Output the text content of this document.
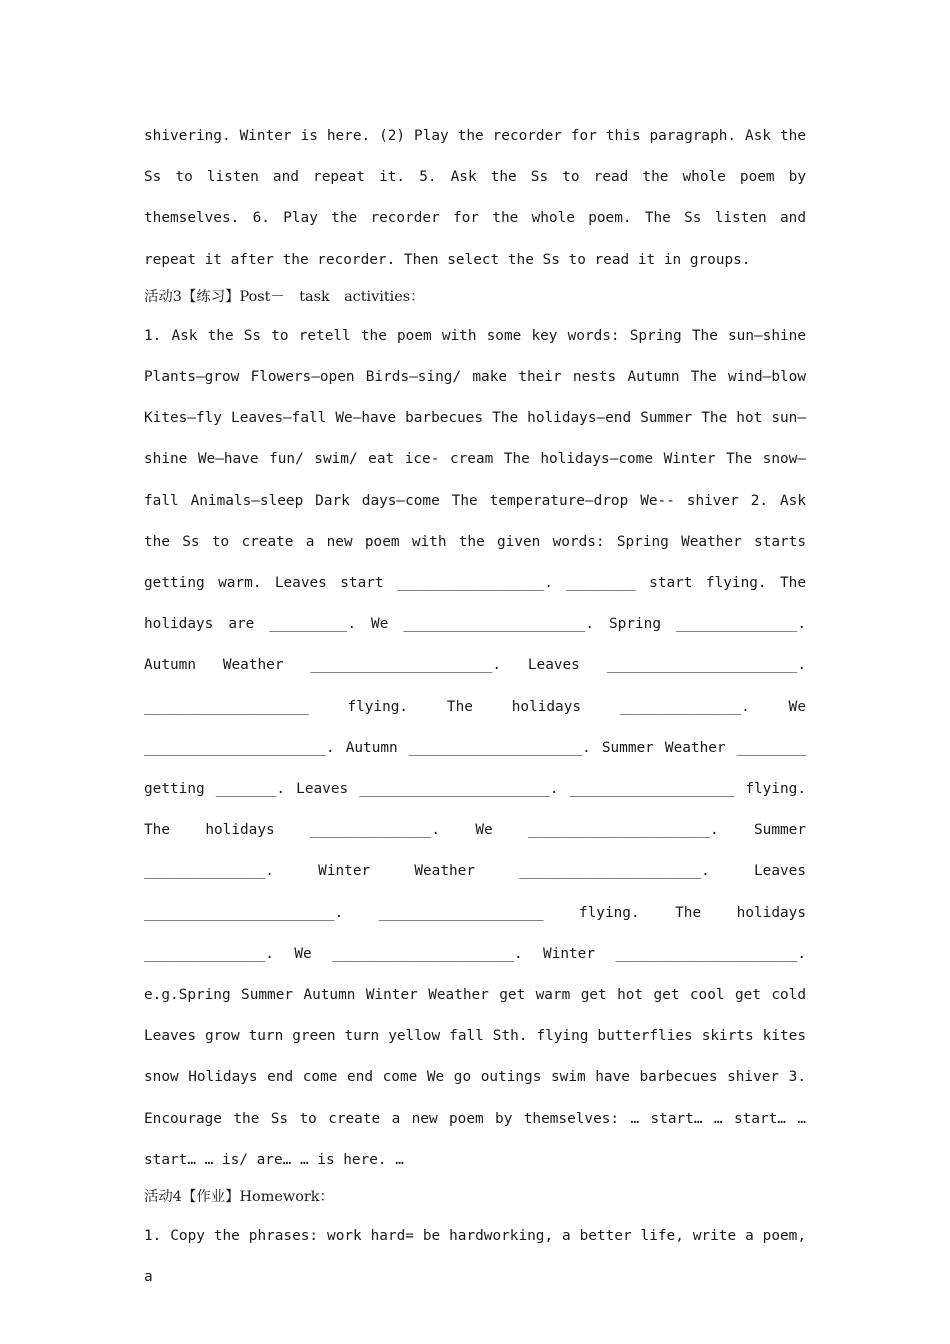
shivering. Winter is here. (2) Play the recorder for this paragraph. Ask the Ss to listen and repeat it. 5. Ask the Ss to read the whole poem by themselves. 6. Play the recorder for the whole poem. The Ss listen and repeat it after the recorder. Then select the Ss to read it in groups.

活动3【练习】Post－　task　activities：

1. Ask the Ss to retell the poem with some key words: Spring The sun—shine Plants—grow Flowers—open Birds—sing/ make their nests Autumn The wind—blow Kites—fly Leaves—fall We—have barbecues The holidays—end Summer The hot sun—shine We—have fun/ swim/ eat ice- cream The holidays—come Winter The snow—fall Animals—sleep Dark days—come The temperature—drop We-- shiver 2. Ask the Ss to create a new poem with the given words: Spring Weather starts getting warm. Leaves start _________________. ________ start flying. The holidays are _________. We _____________________. Spring ______________. Autumn Weather _____________________. Leaves ______________________. ___________________ flying. The holidays ______________. We _____________________. Autumn ____________________. Summer Weather ________ getting _______. Leaves ______________________. ___________________ flying. The holidays ______________. We _____________________. Summer ______________. Winter Weather _____________________. Leaves ______________________. ___________________ flying. The holidays ______________. We _____________________. Winter _____________________. e.g.Spring Summer Autumn Winter Weather get warm get hot get cool get cold Leaves grow turn green turn yellow fall Sth. flying butterflies skirts kites snow Holidays end come end come We go outings swim have barbecues shiver 3. Encourage the Ss to create a new poem by themselves: … start… … start… … start… … is/ are… … is here. …

活动4【作业】Homework：

1. Copy the phrases: work hard= be hardworking, a better life, write a poem, a
